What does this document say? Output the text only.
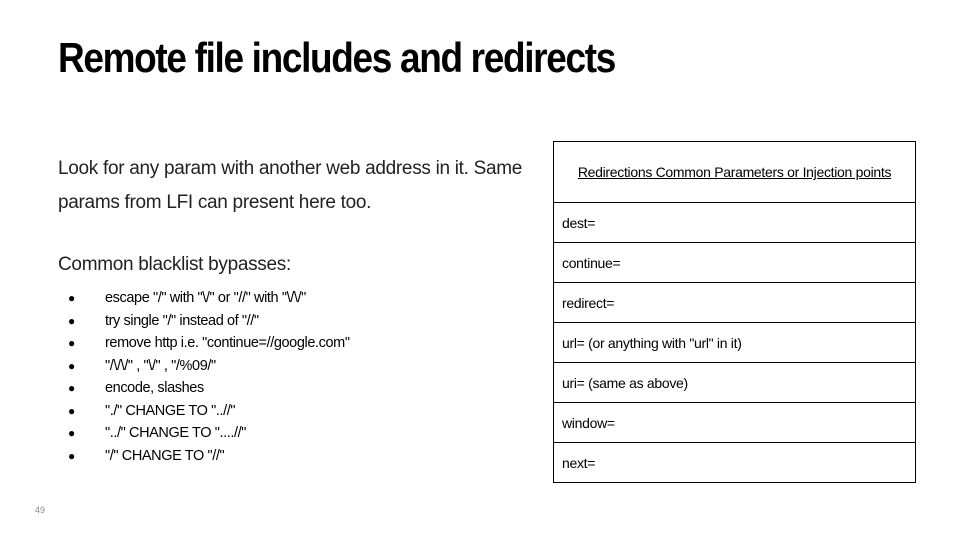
Remote file includes and redirects
Look for any param with another web address in it. Same params from LFI can present here too.
Common blacklist bypasses:
● escape "/" with "\/" or "//" with "\/\/"
● try single "/" instead of "//"
● remove http i.e. "continue=//google.com"
● "/\/\/" , "\/" , "/%09/"
● encode, slashes
● "./" CHANGE TO "..//"
● "../" CHANGE TO "....//"
● "/" CHANGE TO "//"
Redirections Common Parameters or Injection points
dest=
continue=
redirect=
url= (or anything with "url" in it)
uri= (same as above)
window=
next=
49
